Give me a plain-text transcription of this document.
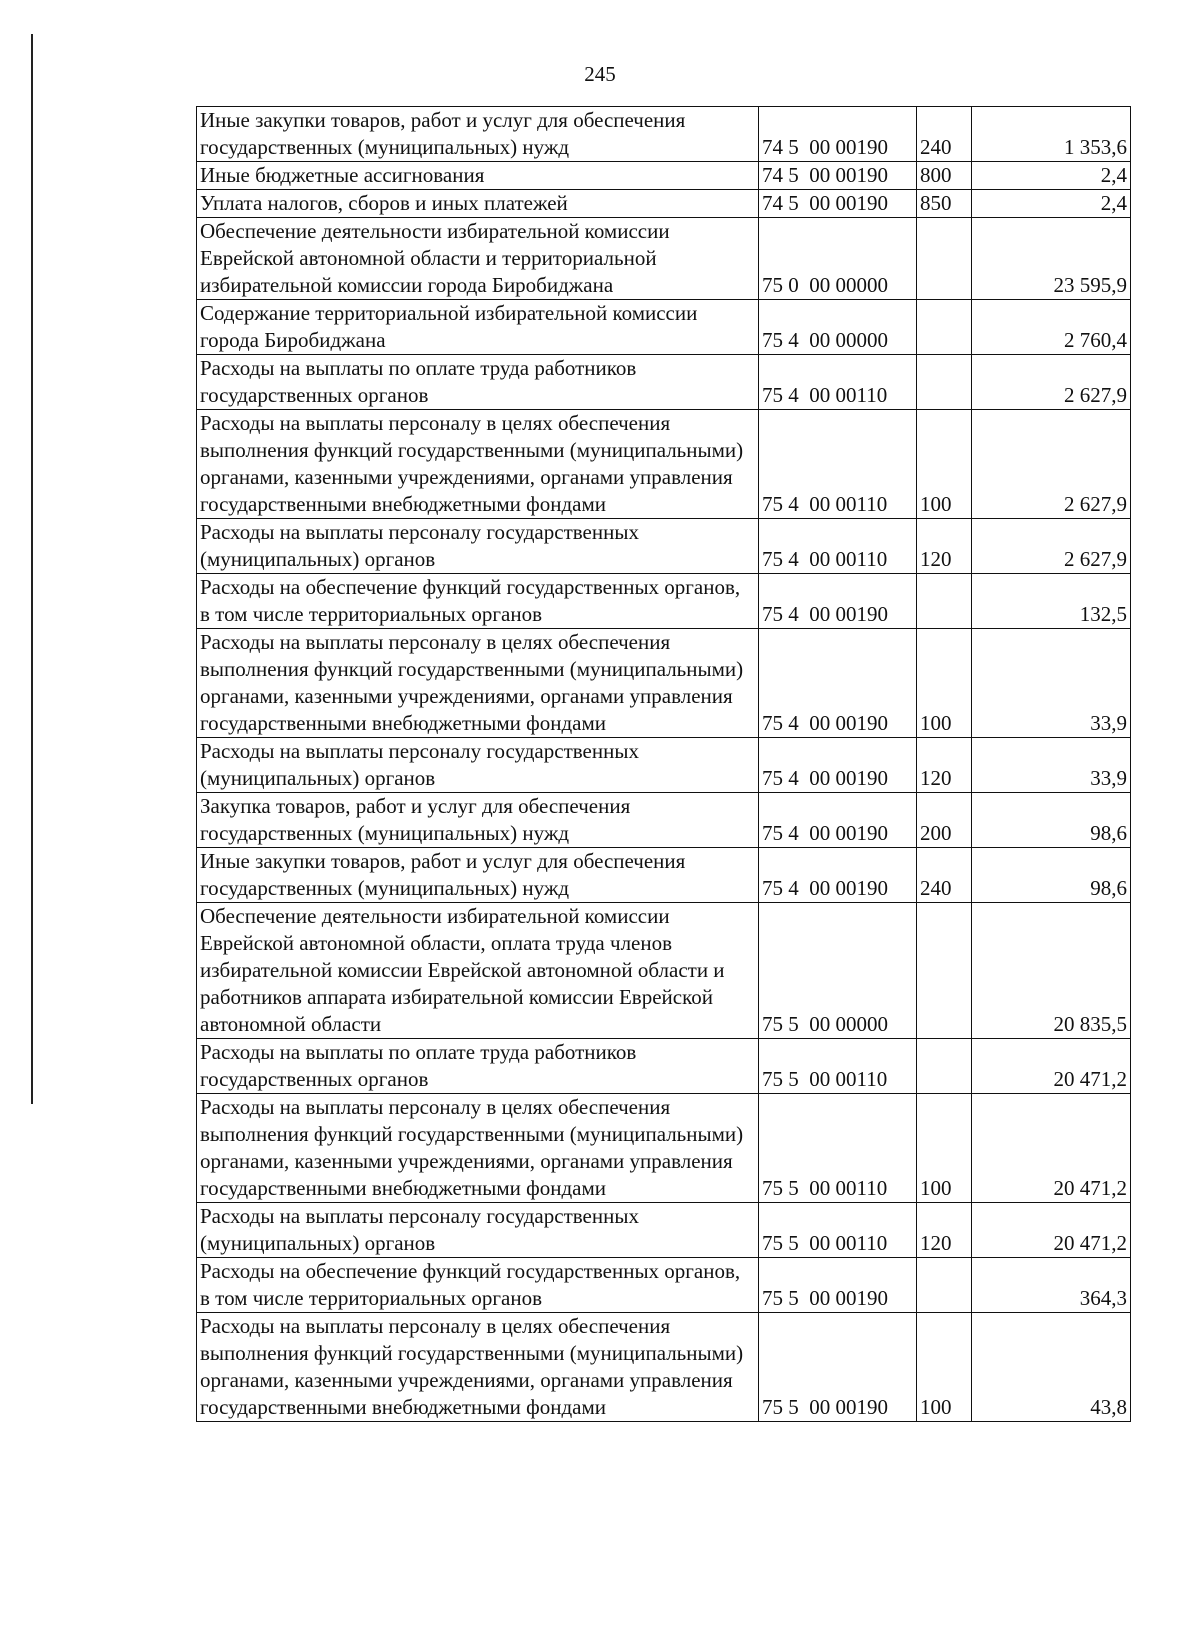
245
Иные закупки товаров, работ и услуг для обеспечения государственных (муниципальных) нужд	74 5  00 00190	240	1 353,6
Иные бюджетные ассигнования	74 5  00 00190	800	2,4
Уплата налогов, сборов и иных платежей	74 5  00 00190	850	2,4
Обеспечение деятельности избирательной комиссии Еврейской автономной области и территориальной избирательной комиссии города Биробиджана	75 0  00 00000		23 595,9
Содержание территориальной избирательной комиссии города Биробиджана	75 4  00 00000		2 760,4
Расходы на выплаты по оплате труда работников государственных органов	75 4  00 00110		2 627,9
Расходы на выплаты персоналу в целях обеспечения выполнения функций государственными (муниципальными) органами, казенными учреждениями, органами управления государственными внебюджетными фондами	75 4  00 00110	100	2 627,9
Расходы на выплаты персоналу государственных (муниципальных) органов	75 4  00 00110	120	2 627,9
Расходы на обеспечение функций государственных органов, в том числе территориальных органов	75 4  00 00190		132,5
Расходы на выплаты персоналу в целях обеспечения выполнения функций государственными (муниципальными) органами, казенными учреждениями, органами управления государственными внебюджетными фондами	75 4  00 00190	100	33,9
Расходы на выплаты персоналу государственных (муниципальных) органов	75 4  00 00190	120	33,9
Закупка товаров, работ и услуг для обеспечения государственных (муниципальных) нужд	75 4  00 00190	200	98,6
Иные закупки товаров, работ и услуг для обеспечения государственных (муниципальных) нужд	75 4  00 00190	240	98,6
Обеспечение деятельности избирательной комиссии Еврейской автономной области, оплата труда членов избирательной комиссии Еврейской автономной области и работников аппарата избирательной комиссии Еврейской автономной области	75 5  00 00000		20 835,5
Расходы на выплаты по оплате труда работников государственных органов	75 5  00 00110		20 471,2
Расходы на выплаты персоналу в целях обеспечения выполнения функций государственными (муниципальными) органами, казенными учреждениями, органами управления государственными внебюджетными фондами	75 5  00 00110	100	20 471,2
Расходы на выплаты персоналу государственных (муниципальных) органов	75 5  00 00110	120	20 471,2
Расходы на обеспечение функций государственных органов, в том числе территориальных органов	75 5  00 00190		364,3
Расходы на выплаты персоналу в целях обеспечения выполнения функций государственными (муниципальными) органами, казенными учреждениями, органами управления государственными внебюджетными фондами	75 5  00 00190	100	43,8
